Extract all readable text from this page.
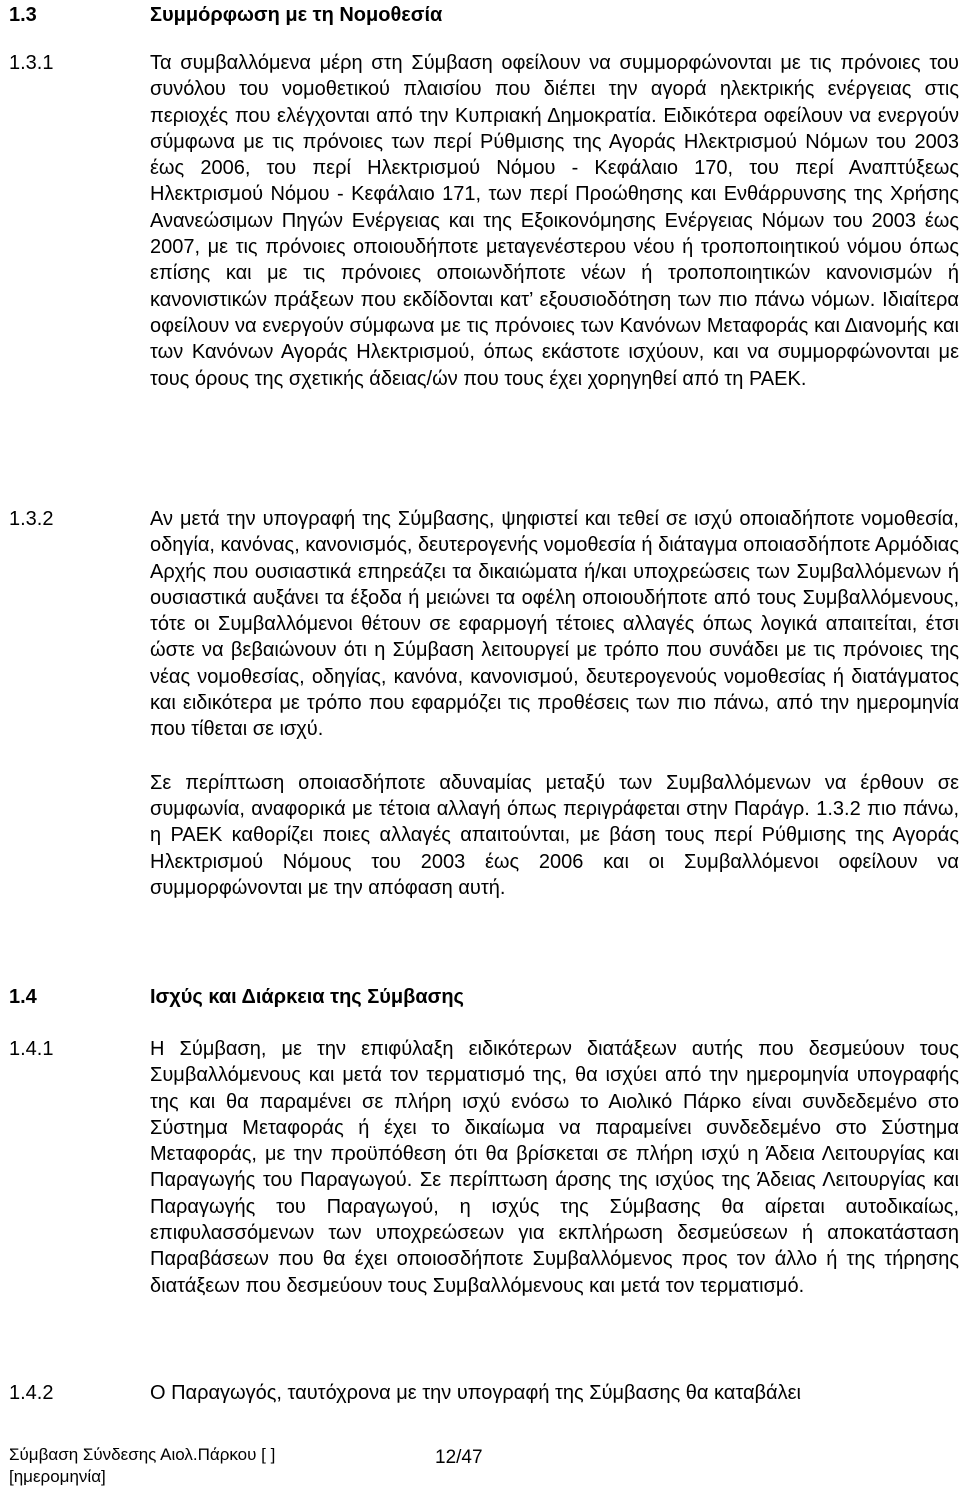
1.3	Συμμόρφωση με τη Νομοθεσία
1.3.1	Τα συμβαλλόμενα μέρη στη Σύμβαση οφείλουν να συμμορφώνονται με τις πρόνοιες του συνόλου του νομοθετικού πλαισίου που διέπει την αγορά ηλεκτρικής ενέργειας στις περιοχές που ελέγχονται από την Κυπριακή Δημοκρατία. Ειδικότερα οφείλουν να ενεργούν σύμφωνα με τις πρόνοιες των περί Ρύθμισης της Αγοράς Ηλεκτρισμού Νόμων του 2003 έως 2006, του περί Ηλεκτρισμού Νόμου - Κεφάλαιο 170, του περί Αναπτύξεως Ηλεκτρισμού Νόμου - Κεφάλαιο 171, των περί Προώθησης και Ενθάρρυνσης της Χρήσης Ανανεώσιμων Πηγών Ενέργειας και της Εξοικονόμησης Ενέργειας Νόμων του 2003 έως 2007, με τις πρόνοιες οποιουδήποτε μεταγενέστερου νέου ή τροποποιητικού νόμου όπως επίσης και με τις πρόνοιες οποιωνδήποτε νέων ή τροποποιητικών κανονισμών ή κανονιστικών πράξεων που εκδίδονται κατ’ εξουσιοδότηση των πιο πάνω νόμων. Ιδιαίτερα οφείλουν να ενεργούν σύμφωνα με τις πρόνοιες των Κανόνων Μεταφοράς και Διανομής και των Κανόνων Αγοράς Ηλεκτρισμού, όπως εκάστοτε ισχύουν, και να συμμορφώνονται με τους όρους της σχετικής άδειας/ών που τους έχει χορηγηθεί από τη ΡΑΕΚ.

1.3.2	Αν μετά την υπογραφή της Σύμβασης, ψηφιστεί και τεθεί σε ισχύ οποιαδήποτε νομοθεσία, οδηγία, κανόνας, κανονισμός, δευτερογενής νομοθεσία ή διάταγμα οποιασδήποτε Αρμόδιας Αρχής που ουσιαστικά επηρεάζει τα δικαιώματα ή/και υποχρεώσεις των Συμβαλλόμενων ή ουσιαστικά αυξάνει τα έξοδα ή μειώνει τα οφέλη οποιουδήποτε από τους Συμβαλλόμενους, τότε οι Συμβαλλόμενοι θέτουν σε εφαρμογή τέτοιες αλλαγές όπως λογικά απαιτείται, έτσι ώστε να βεβαιώνουν ότι η Σύμβαση λειτουργεί με τρόπο που συνάδει με τις πρόνοιες της νέας νομοθεσίας, οδηγίας, κανόνα, κανονισμού, δευτερογενούς νομοθεσίας ή διατάγματος και ειδικότερα με τρόπο που εφαρμόζει τις προθέσεις των πιο πάνω, από την ημερομηνία που τίθεται σε ισχύ.

Σε περίπτωση οποιασδήποτε αδυναμίας μεταξύ των Συμβαλλόμενων να έρθουν σε συμφωνία, αναφορικά με τέτοια αλλαγή όπως περιγράφεται στην Παράγρ. 1.3.2 πιο πάνω, η ΡΑΕΚ καθορίζει ποιες αλλαγές απαιτούνται, με βάση τους περί Ρύθμισης της Αγοράς Ηλεκτρισμού Νόμους του 2003 έως 2006 και οι Συμβαλλόμενοι οφείλουν να συμμορφώνονται με την απόφαση αυτή.

1.4	Ισχύς και Διάρκεια της Σύμβασης
1.4.1	Η Σύμβαση, με την επιφύλαξη ειδικότερων διατάξεων αυτής που δεσμεύουν τους Συμβαλλόμενους και μετά τον τερματισμό της, θα ισχύει από την ημερομηνία υπογραφής της και θα παραμένει σε πλήρη ισχύ ενόσω το Αιολικό Πάρκο είναι συνδεδεμένο στο Σύστημα Μεταφοράς ή έχει το δικαίωμα να παραμείνει συνδεδεμένο στο Σύστημα Μεταφοράς, με την προϋπόθεση ότι θα βρίσκεται σε πλήρη ισχύ η Άδεια Λειτουργίας και Παραγωγής του Παραγωγού. Σε περίπτωση άρσης της ισχύος της Άδειας Λειτουργίας και Παραγωγής του Παραγωγού, η ισχύς της Σύμβασης θα αίρεται αυτοδικαίως, επιφυλασσόμενων των υποχρεώσεων για εκπλήρωση δεσμεύσεων ή αποκατάσταση Παραβάσεων που θα έχει οποιοσδήποτε Συμβαλλόμενος προς τον άλλο ή της τήρησης διατάξεων που δεσμεύουν τους Συμβαλλόμενους και μετά τον τερματισμό.

1.4.2	Ο Παραγωγός, ταυτόχρονα με την υπογραφή της Σύμβασης θα καταβάλει

Σύμβαση Σύνδεσης Αιολ.Πάρκου [ ]
[ημερομηνία]
12/47
